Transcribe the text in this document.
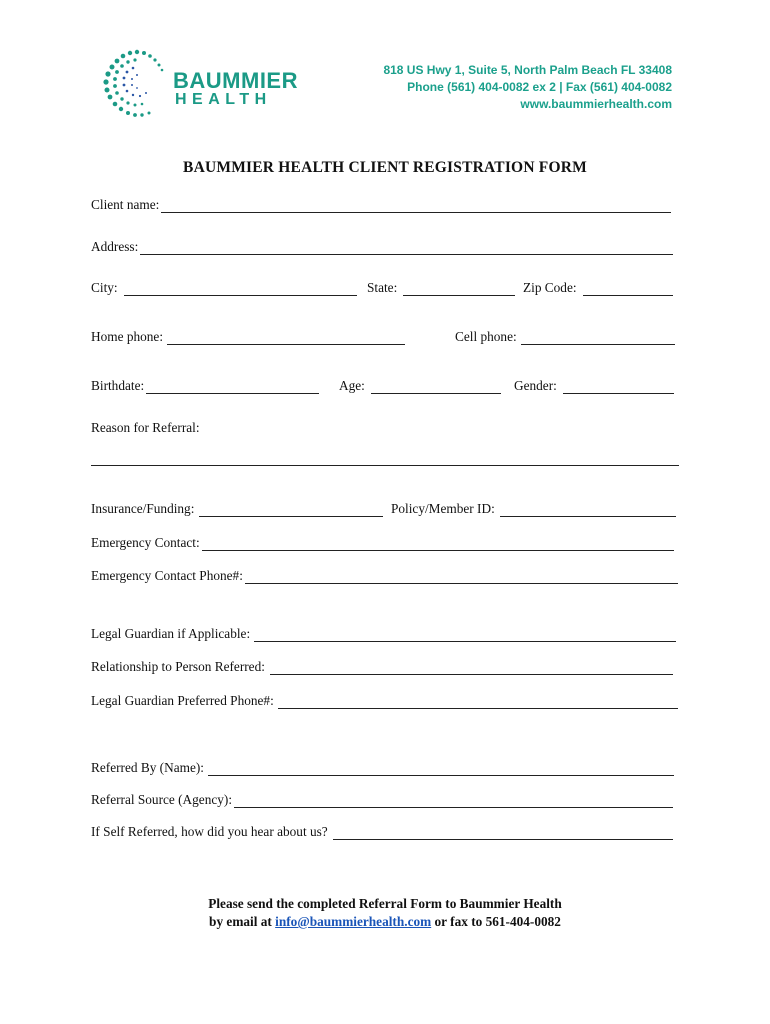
BAUMMIER
HEALTH
818 US Hwy 1, Suite 5, North Palm Beach FL 33408
Phone (561) 404-0082 ex 2 | Fax (561) 404-0082
www.baummierhealth.com
BAUMMIER HEALTH CLIENT REGISTRATION FORM
Client name:
Address:
City:	State:	Zip Code:
Home phone:	Cell phone:
Birthdate:	Age:	Gender:
Reason for Referral:
Insurance/Funding:	Policy/Member ID:
Emergency Contact:
Emergency Contact Phone#:
Legal Guardian if Applicable:
Relationship to Person Referred:
Legal Guardian Preferred Phone#:
Referred By (Name):
Referral Source (Agency):
If Self Referred, how did you hear about us?
Please send the completed Referral Form to Baummier Health
by email at info@baummierhealth.com or fax to 561-404-0082
